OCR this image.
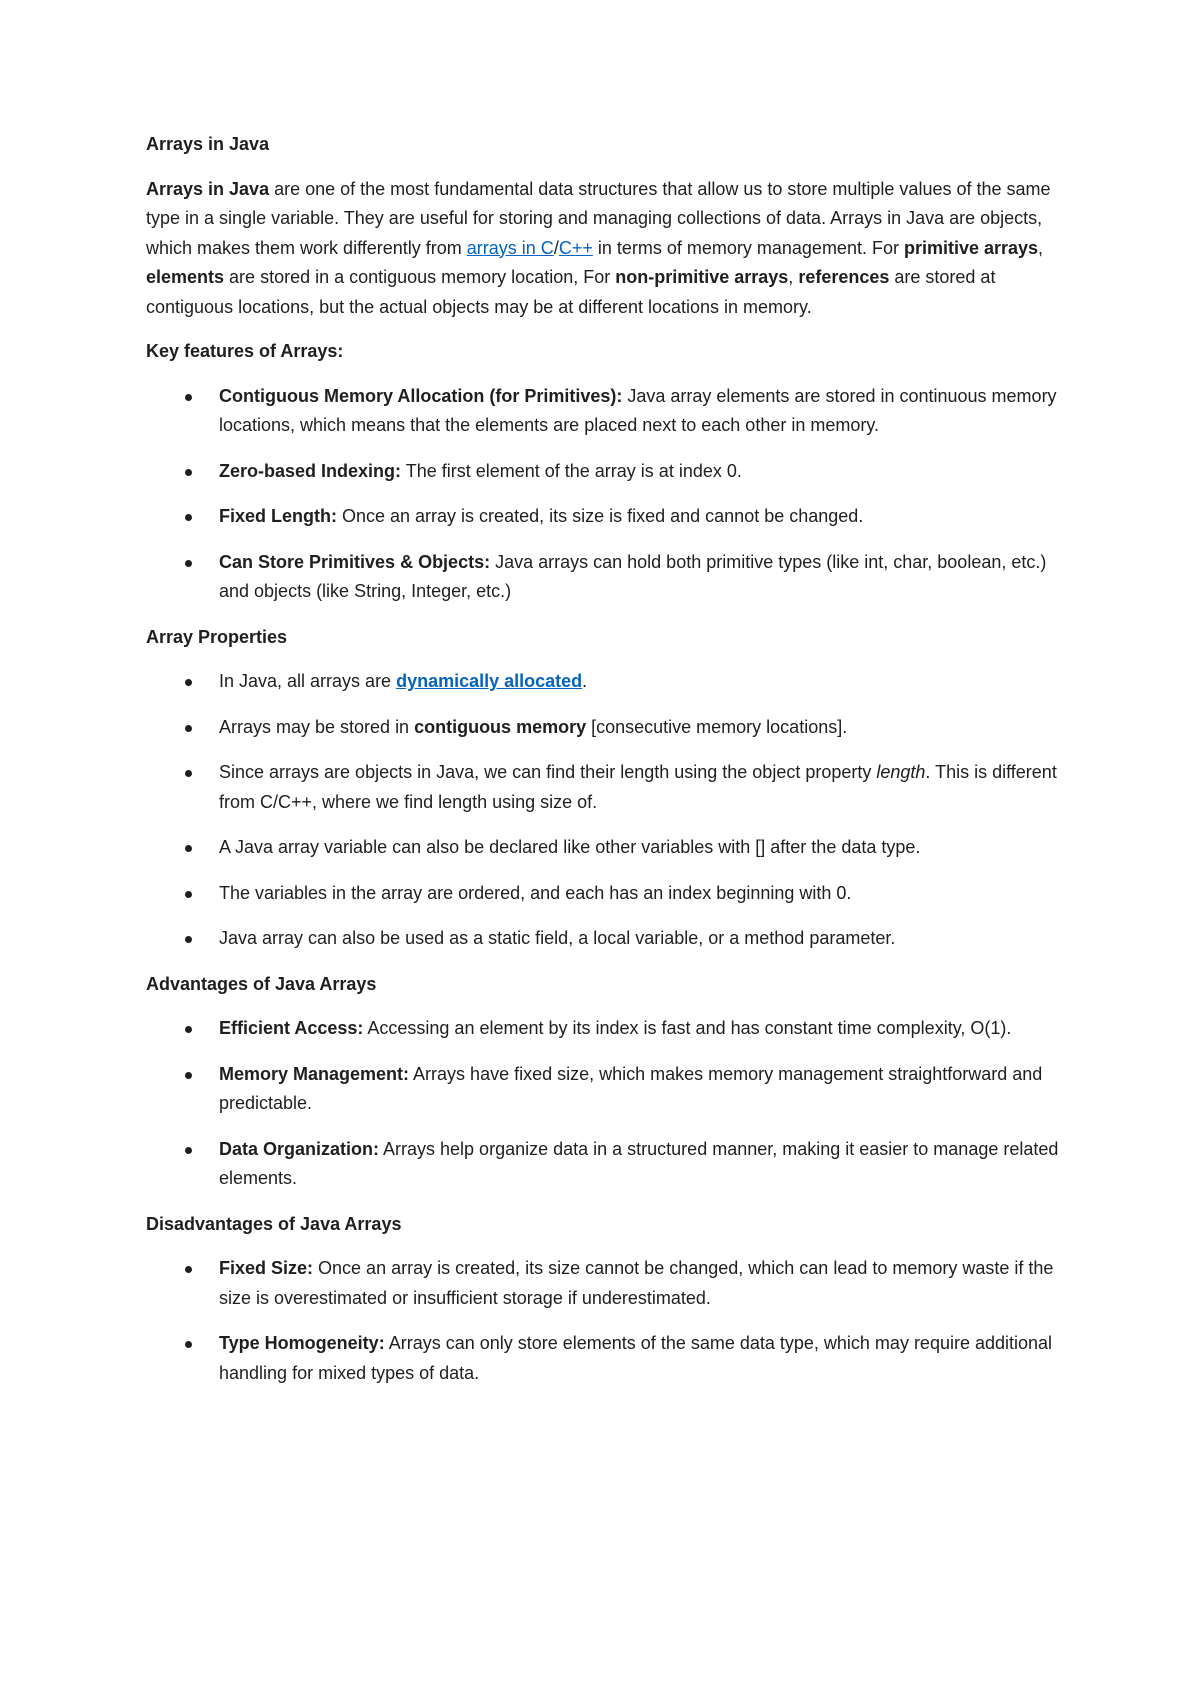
Arrays in Java

Arrays in Java are one of the most fundamental data structures that allow us to store multiple values of the same type in a single variable. They are useful for storing and managing collections of data. Arrays in Java are objects, which makes them work differently from arrays in C/C++ in terms of memory management. For primitive arrays, elements are stored in a contiguous memory location, For non-primitive arrays, references are stored at contiguous locations, but the actual objects may be at different locations in memory.

Key features of Arrays:

Contiguous Memory Allocation (for Primitives): Java array elements are stored in continuous memory locations, which means that the elements are placed next to each other in memory.
Zero-based Indexing: The first element of the array is at index 0.
Fixed Length: Once an array is created, its size is fixed and cannot be changed.
Can Store Primitives & Objects: Java arrays can hold both primitive types (like int, char, boolean, etc.) and objects (like String, Integer, etc.)

Array Properties

In Java, all arrays are dynamically allocated.
Arrays may be stored in contiguous memory [consecutive memory locations].
Since arrays are objects in Java, we can find their length using the object property length. This is different from C/C++, where we find length using size of.
A Java array variable can also be declared like other variables with [] after the data type.
The variables in the array are ordered, and each has an index beginning with 0.
Java array can also be used as a static field, a local variable, or a method parameter.

Advantages of Java Arrays

Efficient Access: Accessing an element by its index is fast and has constant time complexity, O(1).
Memory Management: Arrays have fixed size, which makes memory management straightforward and predictable.
Data Organization: Arrays help organize data in a structured manner, making it easier to manage related elements.

Disadvantages of Java Arrays

Fixed Size: Once an array is created, its size cannot be changed, which can lead to memory waste if the size is overestimated or insufficient storage if underestimated.
Type Homogeneity: Arrays can only store elements of the same data type, which may require additional handling for mixed types of data.
